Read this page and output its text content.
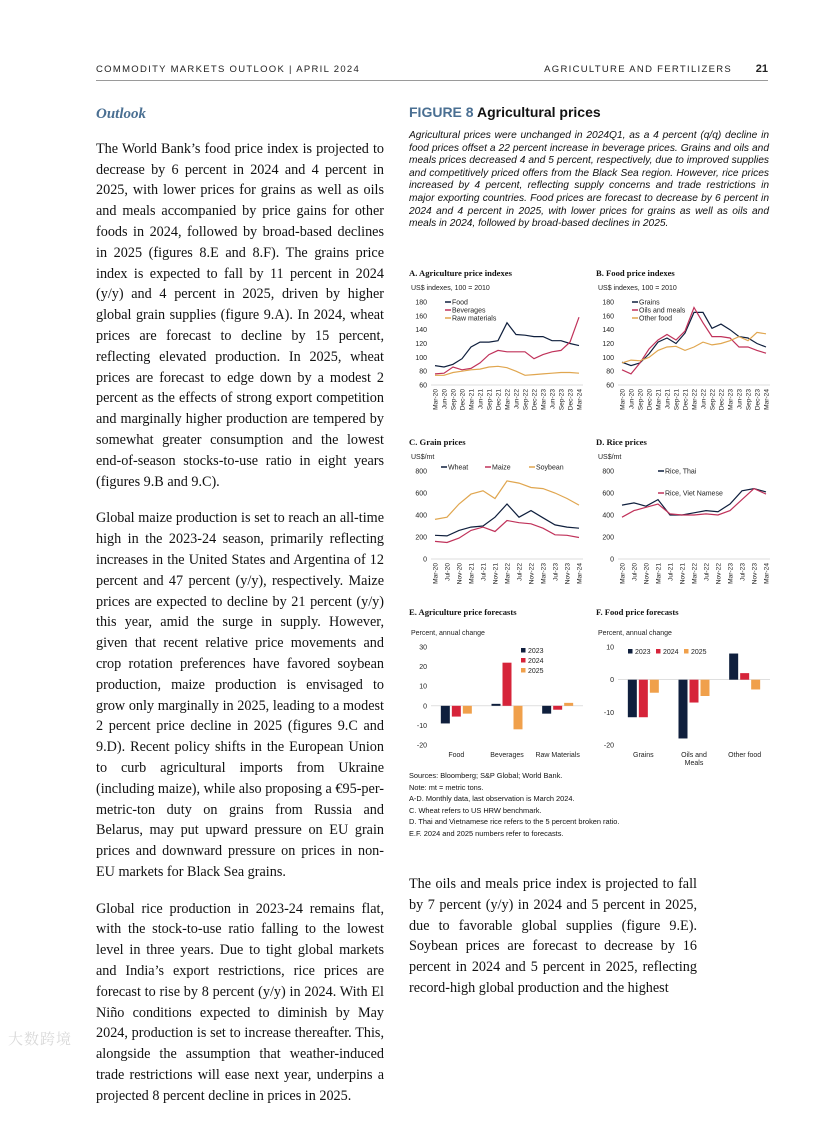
COMMODITY MARKETS OUTLOOK | APRIL 2024	AGRICULTURE AND FERTILIZERS 21
Outlook

The World Bank’s food price index is projected to decrease by 6 percent in 2024 and 4 percent in 2025, with lower prices for grains as well as oils and meals accompanied by price gains for other foods in 2024, followed by broad-based declines in 2025 (figures 8.E and 8.F). The grains price index is expected to fall by 11 percent in 2024 (y/y) and 4 percent in 2025, driven by higher global grain supplies (figure 9.A). In 2024, wheat prices are forecast to decline by 15 percent, reflecting elevated production. In 2025, wheat prices are forecast to edge down by a modest 2 percent as the effects of strong export competition and marginally higher production are tempered by somewhat greater consumption and the lowest end-of-season stocks-to-use ratio in eight years (figures 9.B and 9.C).

Global maize production is set to reach an all-time high in the 2023-24 season, primarily reflecting increases in the United States and Argentina of 12 percent and 47 percent (y/y), respectively. Maize prices are expected to decline by 21 percent (y/y) this year, amid the surge in supply. However, given that recent relative price movements and crop rotation preferences have favored soybean production, maize production is envisaged to grow only marginally in 2025, leading to a modest 2 percent price decline in 2025 (figures 9.C and 9.D). Recent policy shifts in the European Union to curb agricultural imports from Ukraine (including maize), while also proposing a €95-per-metric-ton duty on grains from Russia and Belarus, may put upward pressure on EU grain prices and downward pressure on prices in non-EU markets for Black Sea grains.

Global rice production in 2023-24 remains flat, with the stock-to-use ratio falling to the lowest level in three years. Due to tight global markets and India’s export restrictions, rice prices are forecast to rise by 8 percent (y/y) in 2024. With El Niño conditions expected to diminish by May 2024, production is set to increase thereafter. This, alongside the assumption that weather-induced trade restrictions will ease next year, underpins a projected 8 percent decline in prices in 2025.

FIGURE 8 Agricultural prices

Agricultural prices were unchanged in 2024Q1, as a 4 percent (q/q) decline in food prices offset a 22 percent increase in beverage prices. Grains and oils and meals prices decreased 4 and 5 percent, respectively, due to improved supplies and competitively priced offers from the Black Sea region. However, rice prices increased by 4 percent, reflecting supply concerns and trade restrictions in major exporting countries. Food prices are forecast to decrease by 6 percent in 2024 and 4 percent in 2025, with lower prices for grains as well as oils and meals in 2024, followed by broad-based declines in 2025.

A. Agriculture price indexes
US$ indexes, 100 = 2010
60
80
100
120
140
160
180
Mar-20 Jun-20 Sep-20 Dec-20 Mar-21 Jun-21 Sep-21 Dec-21 Mar-22 Jun-22 Sep-22 Dec-22 Mar-23 Jun-23 Sep-23 Dec-23 Mar-24
Food
Beverages
Raw materials
B. Food price indexes
US$ indexes, 100 = 2010
60
80
100
120
140
160
180
Mar-20 Jun-20 Sep-20 Dec-20 Mar-21 Jun-21 Sep-21 Dec-21 Mar-22 Jun-22 Sep-22 Dec-22 Mar-23 Jun-23 Sep-23 Dec-23 Mar-24
Grains
Oils and meals
Other food
C. Grain prices
US$/mt
0
200
400
600
800
Mar-20 Jul-20 Nov-20 Mar-21 Jul-21 Nov-21 Mar-22 Jul-22 Nov-22 Mar-23 Jul-23 Nov-23 Mar-24
Wheat	Maize	Soybean
D. Rice prices
US$/mt
0
200
400
600
800
Mar-20 Jul-20 Nov-20 Mar-21 Jul-21 Nov-21 Mar-22 Jul-22 Nov-22 Mar-23 Jul-23 Nov-23 Mar-24
Rice, Thai
Rice, Viet Namese
E. Agriculture price forecasts
Percent, annual change
-20
-10
0
10
20
30
Food	Beverages Raw Materials
2023
2024
2025
F. Food price forecasts
Percent, annual change
-20
-10
0
10
Grains	Oils and
Meals
Other food
2023 2024 2025
Sources: Bloomberg; S&P Global; World Bank.
Note: mt = metric tons.
A-D. Monthly data, last observation is March 2024.
C. Wheat refers to US HRW benchmark.
D. Thai and Vietnamese rice refers to the 5 percent broken ratio.
E.F. 2024 and 2025 numbers refer to forecasts.

The oils and meals price index is projected to fall by 7 percent (y/y) in 2024 and 5 percent in 2025, due to favorable global supplies (figure 9.E). Soybean prices are forecast to decrease by 16 percent in 2024 and 5 percent in 2025, reflecting record-high global production and the highest

大数跨境
